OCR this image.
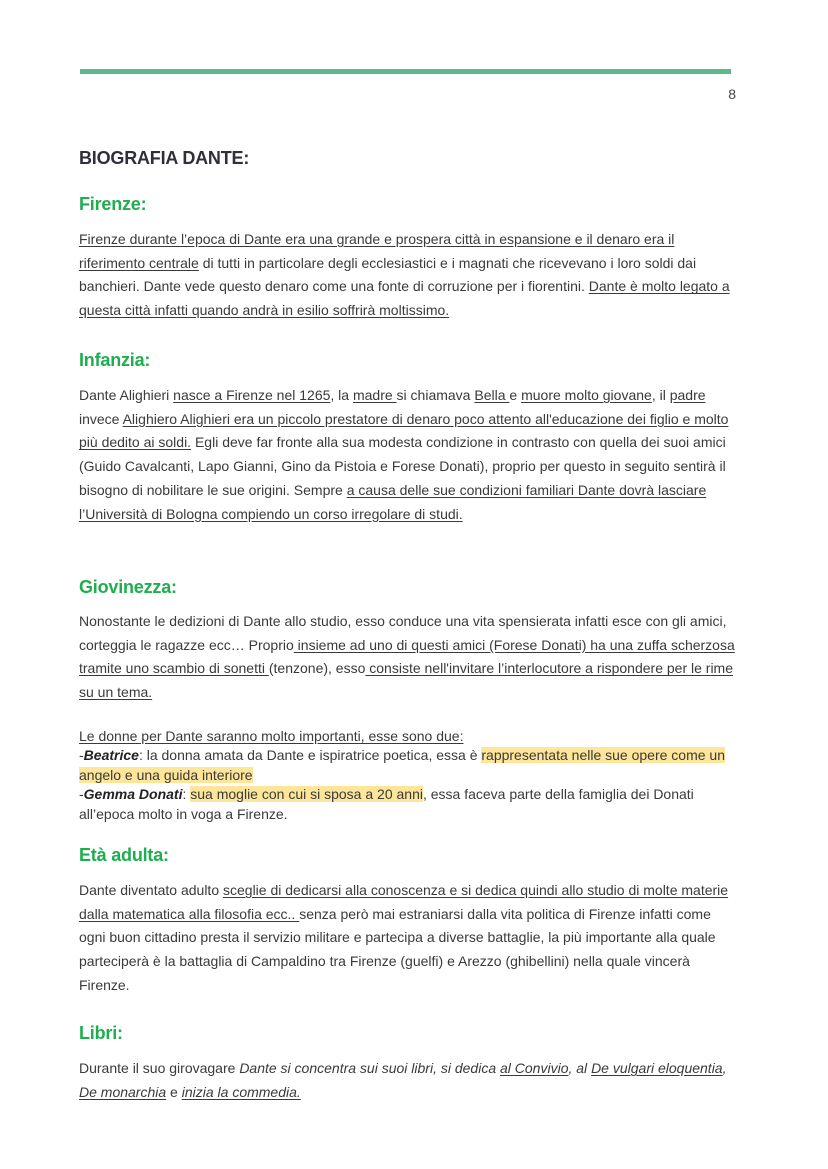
8
BIOGRAFIA DANTE:
Firenze:

Firenze durante l’epoca di Dante era una grande e prospera città in espansione e il denaro era il riferimento centrale di tutti in particolare degli ecclesiastici e i magnati che ricevevano i loro soldi dai banchieri. Dante vede questo denaro come una fonte di corruzione per i fiorentini. Dante è molto legato a questa città infatti quando andrà in esilio soffrirà moltissimo.

Infanzia:

Dante Alighieri nasce a Firenze nel 1265, la madre si chiamava Bella e muore molto giovane, il padre invece Alighiero Alighieri era un piccolo prestatore di denaro poco attento all'educazione dei figlio e molto più dedito ai soldi. Egli deve far fronte alla sua modesta condizione in contrasto con quella dei suoi amici (Guido Cavalcanti, Lapo Gianni, Gino da Pistoia e Forese Donati), proprio per questo in seguito sentirà il bisogno di nobilitare le sue origini. Sempre a causa delle sue condizioni familiari Dante dovrà lasciare l’Università di Bologna compiendo un corso irregolare di studi.

Giovinezza:

Nonostante le dedizioni di Dante allo studio, esso conduce una vita spensierata infatti esce con gli amici, corteggia le ragazze ecc… Proprio insieme ad uno di questi amici (Forese Donati) ha una zuffa scherzosa tramite uno scambio di sonetti (tenzone), esso consiste nell'invitare l’interlocutore a rispondere per le rime su un tema.

Le donne per Dante saranno molto importanti, esse sono due:
-Beatrice: la donna amata da Dante e ispiratrice poetica, essa è rappresentata nelle sue opere come un angelo e una guida interiore
-Gemma Donati: sua moglie con cui si sposa a 20 anni, essa faceva parte della famiglia dei Donati all’epoca molto in voga a Firenze.

Età adulta:

Dante diventato adulto sceglie di dedicarsi alla conoscenza e si dedica quindi allo studio di molte materie dalla matematica alla filosofia ecc.. senza però mai estraniarsi dalla vita politica di Firenze infatti come ogni buon cittadino presta il servizio militare e partecipa a diverse battaglie, la più importante alla quale parteciperà è la battaglia di Campaldino tra Firenze (guelfi) e Arezzo (ghibellini) nella quale vincerà Firenze.

Libri:

Durante il suo girovagare Dante si concentra sui suoi libri, si dedica al Convivio, al De vulgari eloquentia, De monarchia e inizia la commedia.
